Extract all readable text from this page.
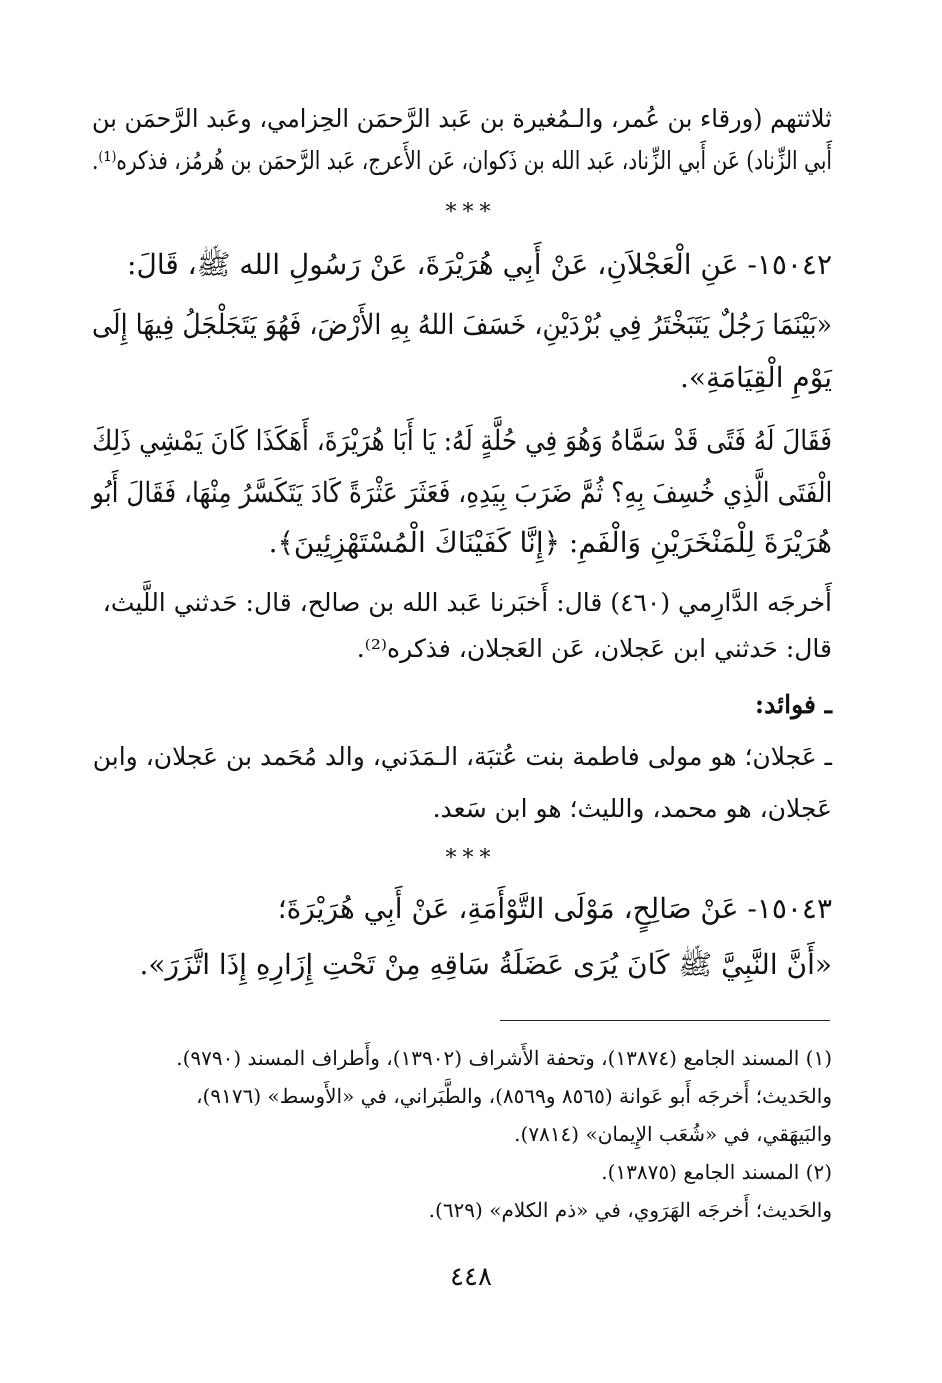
ثلاثتهم (ورقاء بن عُمر، والـمُغيرة بن عَبد الرَّحمَن الحِزامي، وعَبد الرَّحمَن بن
أَبي الزِّناد) عَن أَبي الزِّناد، عَبد الله بن ذَكوان، عَن الأَعرج، عَبد الرَّحمَن بن هُرمُز، فذكره⁽¹⁾.
***
١٥٠٤٢- عَنِ الْعَجْلاَنِ، عَنْ أَبِي هُرَيْرَةَ، عَنْ رَسُولِ الله ﷺ، قَالَ:
«بَيْنَمَا رَجُلٌ يَتَبَخْتَرُ فِي بُرْدَيْنِ، خَسَفَ اللهُ بِهِ الأَرْضَ، فَهُوَ يَتَجَلْجَلُ فِيهَا إِلَى
يَوْمِ الْقِيَامَةِ».
فَقَالَ لَهُ فَتًى قَدْ سَمَّاهُ وَهُوَ فِي حُلَّةٍ لَهُ: يَا أَبَا هُرَيْرَةَ، أَهَكَذَا كَانَ يَمْشِي ذَلِكَ
الْفَتَى الَّذِي خُسِفَ بِهِ؟ ثُمَّ ضَرَبَ بِيَدِهِ، فَعَثَرَ عَثْرَةً كَادَ يَتَكَسَّرُ مِنْهَا، فَقَالَ أَبُو
هُرَيْرَةَ لِلْمَنْخَرَيْنِ وَالْفَمِ: ﴿إِنَّا كَفَيْنَاكَ الْمُسْتَهْزِئِينَ﴾.
أَخرجَه الدَّارِمي (٤٦٠) قال: أَخبَرنا عَبد الله بن صالح، قال: حَدثني اللَّيث،
قال: حَدثني ابن عَجلان، عَن العَجلان، فذكره⁽²⁾.
ـ فوائد:
ـ عَجلان؛ هو مولى فاطمة بنت عُتبَة، الـمَدَني، والد مُحَمد بن عَجلان، وابن
عَجلان، هو محمد، والليث؛ هو ابن سَعد.
***
١٥٠٤٣- عَنْ صَالِحٍ، مَوْلَى التَّوْأَمَةِ، عَنْ أَبِي هُرَيْرَةَ؛
«أَنَّ النَّبِيَّ ﷺ كَانَ يُرَى عَضَلَةُ سَاقِهِ مِنْ تَحْتِ إِزَارِهِ إِذَا اتَّزَرَ».
(١) المسند الجامع (١٣٨٧٤)، وتحفة الأَشراف (١٣٩٠٢)، وأَطراف المسند (٩٧٩٠).
والحَديث؛ أَخرجَه أَبو عَوانة (٨٥٦٥ و٨٥٦٩)، والطَّبَراني، في «الأَوسط» (٩١٧٦)،
والبَيهَقي، في «شُعَب الإِيمان» (٧٨١٤).
(٢) المسند الجامع (١٣٨٧٥).
والحَديث؛ أَخرجَه الهَرَوي، في «ذم الكلام» (٦٢٩).
٤٤٨
